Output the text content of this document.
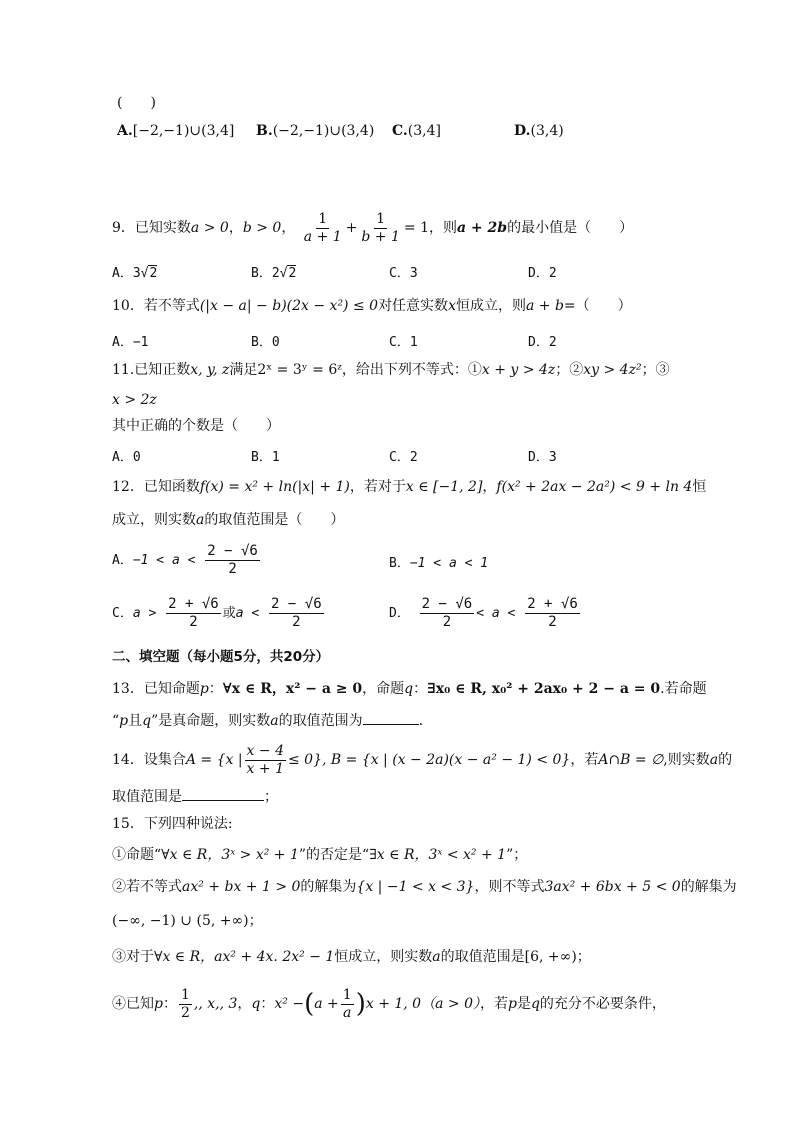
(　　)
A.[−2,−1)∪(3,4] B.(−2,−1)∪(3,4) C.(3,4]	D.(3,4)
9．已知实数a > 0，b > 0， $\frac{1}{a + 1} + \frac{1}{b + 1} = 1$，则a + 2b的最小值是（　　）
A．3√2	B．2√2	C．3	D．2
10．若不等式(|x − a| − b)(2x − x²) ≤ 0对任意实数x恒成立，则a + b=（　　）
A．−1	B．0	C．1	D．2
11.已知正数x, y, z满足2ˣ = 3ʸ = 6ᶻ，给出下列不等式：①x + y > 4z；②xy > 4z²；③
x > 2z
其中正确的个数是（　　）
A．0	B．1	C．2	D．3
12．已知函数f(x) = x² + ln(|x| + 1)，若对于x ∈ [−1, 2]，f(x² + 2ax − 2a²) < 9 + ln 4恒
成立，则实数a的取值范围是（　　）
A．$-1 < a < \frac{2 - √6}{2}$	B．−1 < a < 1
C．$a > \frac{2 + √6}{2}$ 或$a < \frac{2 - √6}{2}$	D． $\frac{2 - √6}{2} < a < \frac{2 + √6}{2}$
二、填空题（每小题5分，共20分）
13．已知命题p：∀x ∈ R，x² − a ≥ 0，命题q：∃x₀ ∈ R, x₀² + 2ax₀ + 2 − a = 0.若命题
“p且q”是真命题，则实数a的取值范围为	.
14．设集合A = {x | $\frac{x - 4}{x + 1} \le 0$}, B = {x | (x − 2a)(x − a² − 1) < 0}，若A∩B = ∅,则实数a的
取值范围是	；
15．下列四种说法:
①命题“∀x ∈ R，3ˣ > x² + 1”的否定是“∃x ∈ R，3ˣ < x² + 1”；
②若不等式ax² + bx + 1 > 0的解集为{x | −1 < x < 3}，则不等式3ax² + 6bx + 5 < 0的解集为
(−∞, −1) ∪ (5, +∞)；
③对于∀x ∈ R，ax² + 4x. 2x² − 1恒成立，则实数a的取值范围是[6, +∞)；
④已知p： $\frac{1}{2}$ ,, x,, 3，q：$x^2 -(a + \frac{1}{a} )x + 1$, 0（a > 0），若p是q的充分不必要条件，
